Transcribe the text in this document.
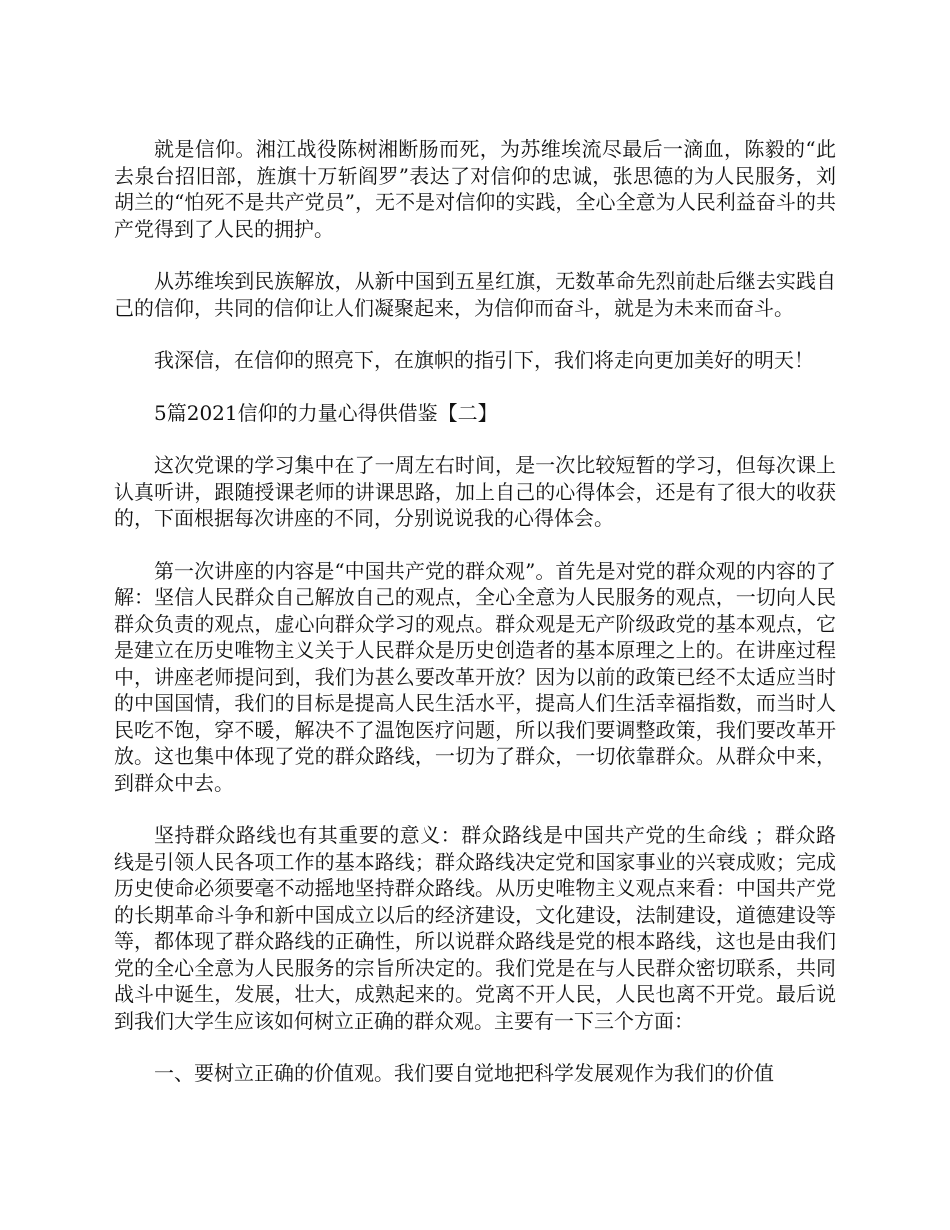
就是信仰。湘江战役陈树湘断肠而死，为苏维埃流尽最后一滴血，陈毅的“此去泉台招旧部，旌旗十万斩阎罗”表达了对信仰的忠诚，张思德的为人民服务，刘胡兰的“怕死不是共产党员”，无不是对信仰的实践，全心全意为人民利益奋斗的共产党得到了人民的拥护。

从苏维埃到民族解放，从新中国到五星红旗，无数革命先烈前赴后继去实践自己的信仰，共同的信仰让人们凝聚起来，为信仰而奋斗，就是为未来而奋斗。

我深信，在信仰的照亮下，在旗帜的指引下，我们将走向更加美好的明天！

5篇2021信仰的力量心得供借鉴【二】

这次党课的学习集中在了一周左右时间，是一次比较短暂的学习，但每次课上认真听讲，跟随授课老师的讲课思路，加上自己的心得体会，还是有了很大的收获的，下面根据每次讲座的不同，分别说说我的心得体会。

第一次讲座的内容是“中国共产党的群众观”。首先是对党的群众观的内容的了解：坚信人民群众自己解放自己的观点，全心全意为人民服务的观点，一切向人民群众负责的观点，虚心向群众学习的观点。群众观是无产阶级政党的基本观点，它是建立在历史唯物主义关于人民群众是历史创造者的基本原理之上的。在讲座过程中，讲座老师提问到，我们为甚么要改革开放？因为以前的政策已经不太适应当时的中国国情，我们的目标是提高人民生活水平，提高人们生活幸福指数，而当时人民吃不饱，穿不暖，解决不了温饱医疗问题，所以我们要调整政策，我们要改革开放。这也集中体现了党的群众路线，一切为了群众，一切依靠群众。从群众中来，到群众中去。

坚持群众路线也有其重要的意义：群众路线是中国共产党的生命线 ；群众路线是引领人民各项工作的基本路线；群众路线决定党和国家事业的兴衰成败；完成历史使命必须要毫不动摇地坚持群众路线。从历史唯物主义观点来看：中国共产党的长期革命斗争和新中国成立以后的经济建设，文化建设，法制建设，道德建设等等，都体现了群众路线的正确性，所以说群众路线是党的根本路线，这也是由我们党的全心全意为人民服务的宗旨所决定的。我们党是在与人民群众密切联系，共同战斗中诞生，发展，壮大，成熟起来的。党离不开人民，人民也离不开党。最后说到我们大学生应该如何树立正确的群众观。主要有一下三个方面：

一、要树立正确的价值观。我们要自觉地把科学发展观作为我们的价值
